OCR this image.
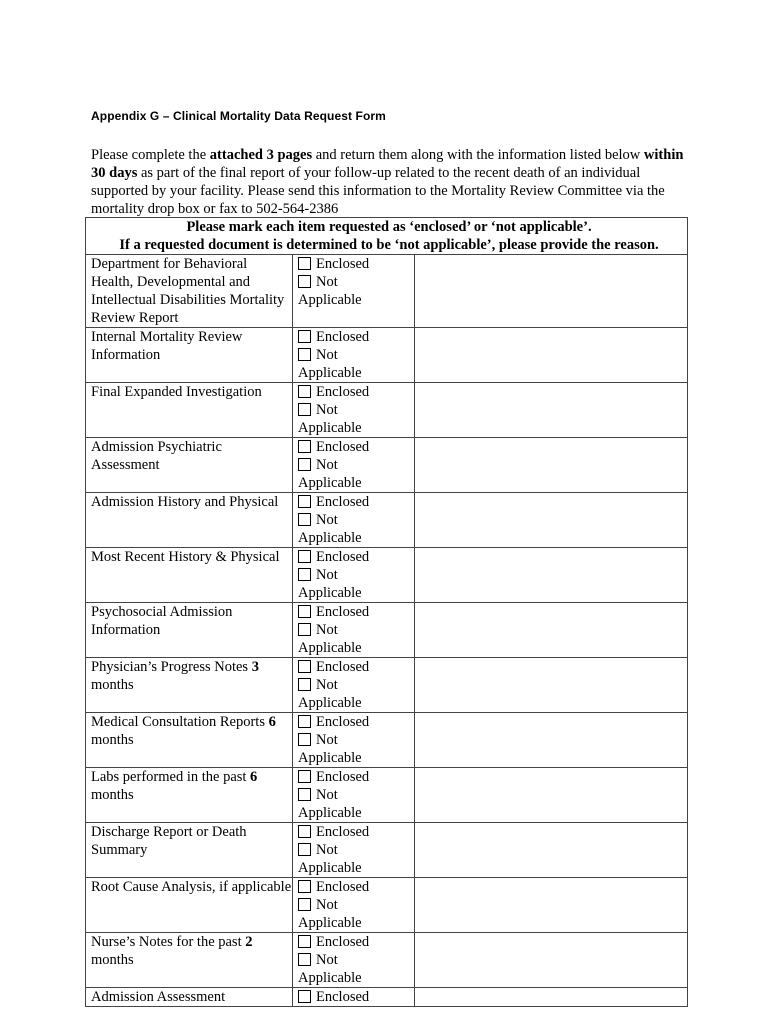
Appendix G – Clinical Mortality Data Request Form
Please complete the attached 3 pages and return them along with the information listed below within 30 days as part of the final report of your follow-up related to the recent death of an individual supported by your facility. Please send this information to the Mortality Review Committee via the mortality drop box or fax to 502-564-2386
Please mark each item requested as ‘enclosed’ or ‘not applicable’.
If a requested document is determined to be ‘not applicable’, please provide the reason.		

Department for Behavioral Health, Developmental and Intellectual Disabilities Mortality Review Report	Enclosed
Not
Applicable	

Internal Mortality Review Information	Enclosed
Not
Applicable	

Final Expanded Investigation	Enclosed
Not
Applicable	

Admission Psychiatric Assessment	Enclosed
Not
Applicable	

Admission History and Physical	Enclosed
Not
Applicable	

Most Recent History & Physical	Enclosed
Not
Applicable	

Psychosocial Admission Information	Enclosed
Not
Applicable	

Physician’s Progress Notes 3 months	Enclosed
Not
Applicable	

Medical Consultation Reports 6 months	Enclosed
Not
Applicable	

Labs performed in the past 6 months	Enclosed
Not
Applicable	

Discharge Report or Death Summary	Enclosed
Not
Applicable	

Root Cause Analysis, if applicable	Enclosed
Not
Applicable	

Nurse’s Notes for the past 2 months	Enclosed
Not
Applicable	

Admission Assessment	Enclosed	
